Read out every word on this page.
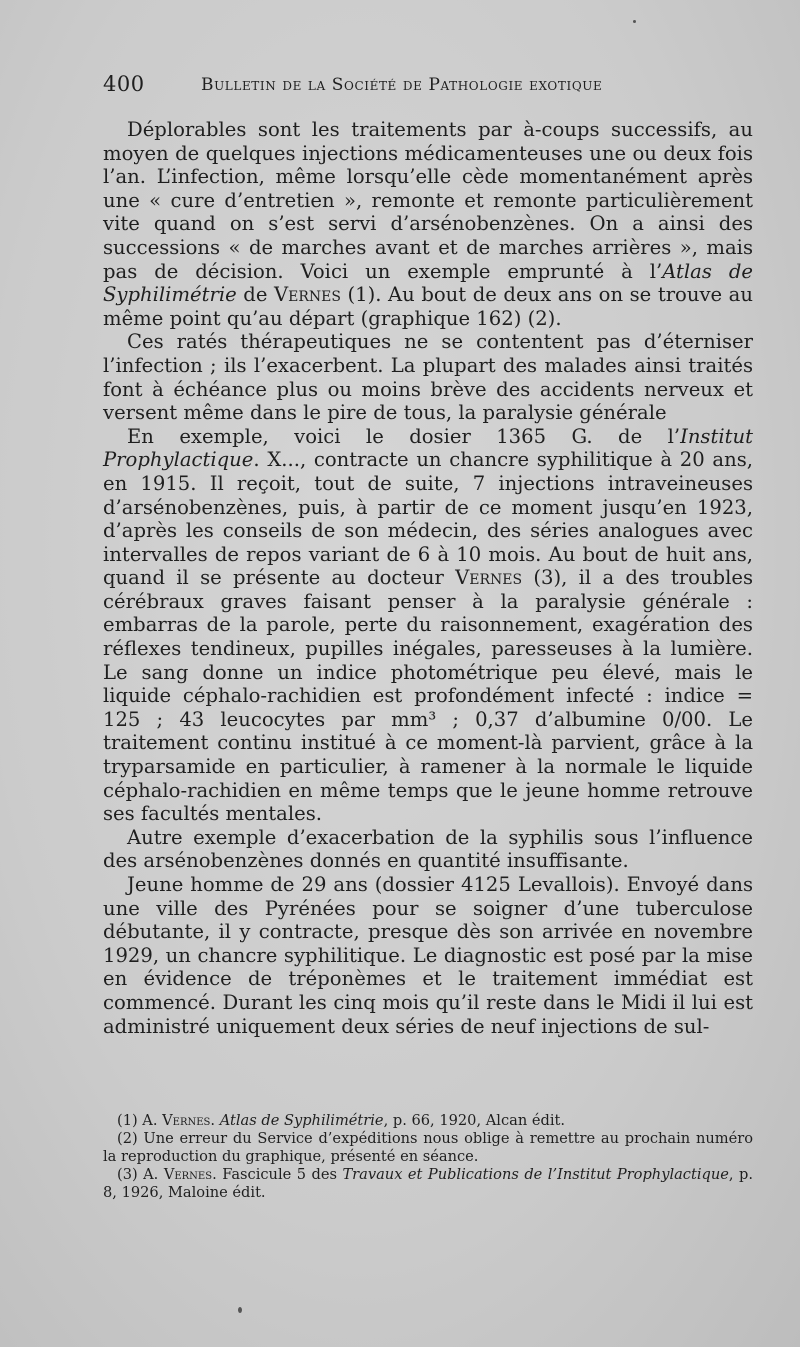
400	Bulletin de la Société de Pathologie exotique

Déplorables sont les traitements par à-coups successifs, au moyen de quelques injections médicamenteuses une ou deux fois l’an. L’infection, même lorsqu’elle cède momentanément après une « cure d’entretien », remonte et remonte particulièrement vite quand on s’est servi d’arsénobenzènes. On a ainsi des successions « de marches avant et de marches arrières », mais pas de décision. Voici un exemple emprunté à l’Atlas de Syphilimétrie de Vernes (1). Au bout de deux ans on se trouve au même point qu’au départ (graphique 162) (2).

Ces ratés thérapeutiques ne se contentent pas d’éterniser l’infection ; ils l’exacerbent. La plupart des malades ainsi traités font à échéance plus ou moins brève des accidents nerveux et versent même dans le pire de tous, la paralysie générale

En exemple, voici le dosier 1365 G. de l’Institut Prophylactique. X..., contracte un chancre syphilitique à 20 ans, en 1915. Il reçoit, tout de suite, 7 injections intraveineuses d’arsénobenzènes, puis, à partir de ce moment jusqu’en 1923, d’après les conseils de son médecin, des séries analogues avec intervalles de repos variant de 6 à 10 mois. Au bout de huit ans, quand il se présente au docteur Vernes (3), il a des troubles cérébraux graves faisant penser à la paralysie générale : embarras de la parole, perte du raisonnement, exagération des réflexes tendineux, pupilles inégales, paresseuses à la lumière. Le sang donne un indice photométrique peu élevé, mais le liquide céphalo-rachidien est profondément infecté : indice = 125 ; 43 leucocytes par mm³ ; 0,37 d’albumine 0/00. Le traitement continu institué à ce moment-là parvient, grâce à la tryparsamide en particulier, à ramener à la normale le liquide céphalo-rachidien en même temps que le jeune homme retrouve ses facultés mentales.

Autre exemple d’exacerbation de la syphilis sous l’influence des arsénobenzènes donnés en quantité insuffisante.

Jeune homme de 29 ans (dossier 4125 Levallois). Envoyé dans une ville des Pyrénées pour se soigner d’une tuberculose débutante, il y contracte, presque dès son arrivée en novembre 1929, un chancre syphilitique. Le diagnostic est posé par la mise en évidence de tréponèmes et le traitement immédiat est commencé. Durant les cinq mois qu’il reste dans le Midi il lui est administré uniquement deux séries de neuf injections de sul-

(1) A. Vernes. Atlas de Syphilimétrie, p. 66, 1920, Alcan édit.

(2) Une erreur du Service d’expéditions nous oblige à remettre au prochain numéro la reproduction du graphique, présenté en séance.

(3) A. Vernes. Fascicule 5 des Travaux et Publications de l’Institut Prophylactique, p. 8, 1926, Maloine édit.
